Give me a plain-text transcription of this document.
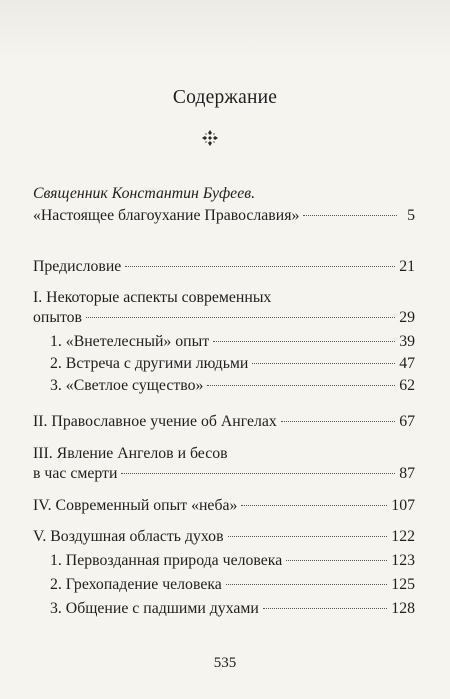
Содержание
Священник Константин Буфеев.
«Настоящее благоухание Православия»	5
Предисловие	21
I. Некоторые аспекты современных
опытов	29
1. «Внетелесный» опыт	39
2. Встреча с другими людьми	47
3. «Светлое существо»	62
II. Православное учение об Ангелах	67
III. Явление Ангелов и бесов
в час смерти	87
IV. Современный опыт «неба»	107
V. Воздушная область духов	122
1. Первозданная природа человека	123
2. Грехопадение человека	125
3. Общение с падшими духами	128
535
